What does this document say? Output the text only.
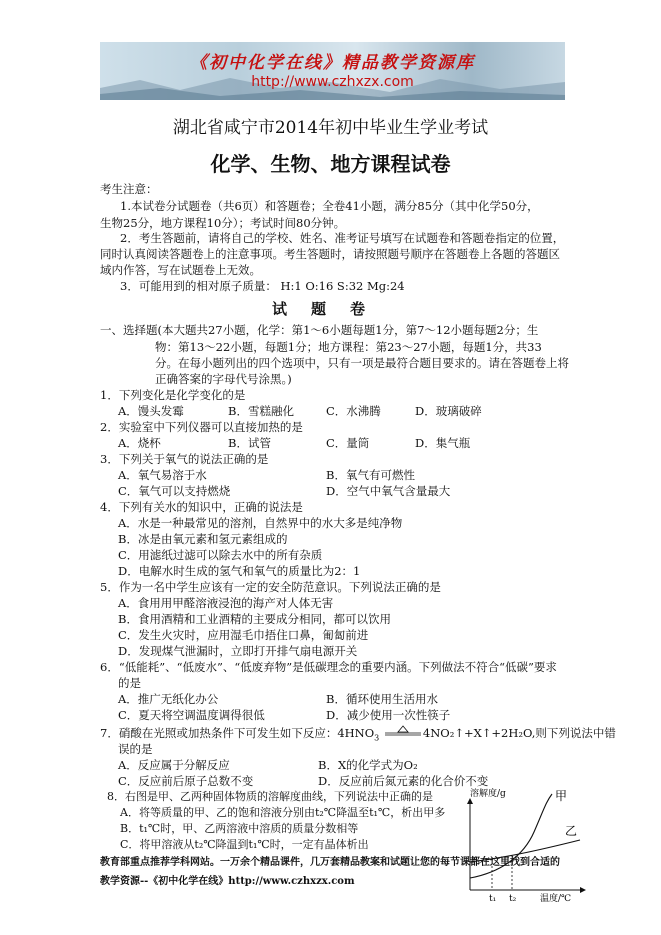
《初中化学在线》精品教学资源库
http://www.czhxzx.com
湖北省咸宁市2014年初中毕业生学业考试
化学、生物、地方课程试卷
考生注意：
1.本试卷分试题卷（共6页）和答题卷；全卷41小题，满分85分（其中化学50分，
生物25分，地方课程10分）；考试时间80分钟。
2．考生答题前，请将自己的学校、姓名、准考证号填写在试题卷和答题卷指定的位置，
同时认真阅读答题卷上的注意事项。考生答题时，请按照题号顺序在答题卷上各题的答题区
域内作答，写在试题卷上无效。
3．可能用到的相对原子质量： H:1 O:16 S:32 Mg:24
试题卷
一、选择题(本大题共27小题，化学：第1～6小题每题1分，第7～12小题每题2分；生
物：第13～22小题，每题1分；地方课程：第23～27小题，每题1分，共33
分。在每小题列出的四个选项中，只有一项是最符合题目要求的。请在答题卷上将
正确答案的字母代号涂黑。)
1．下列变化是化学变化的是
A．馒头发霉	B．雪糕融化	C．水沸腾	D．玻璃破碎
2．实验室中下列仪器可以直接加热的是
A．烧杯	B．试管	C．量筒	D．集气瓶
3．下列关于氧气的说法正确的是
A．氧气易溶于水	B．氧气有可燃性
C．氧气可以支持燃烧	D．空气中氧气含量最大
4．下列有关水的知识中，正确的说法是
A．水是一种最常见的溶剂，自然界中的水大多是纯净物
B．冰是由氧元素和氢元素组成的
C．用滤纸过滤可以除去水中的所有杂质
D．电解水时生成的氢气和氧气的质量比为2：1
5．作为一名中学生应该有一定的安全防范意识。下列说法正确的是
A．食用用甲醛溶液浸泡的海产对人体无害
B．食用酒精和工业酒精的主要成分相同，都可以饮用
C．发生火灾时，应用湿毛巾捂住口鼻，匍匐前进
D．发现煤气泄漏时，立即打开排气扇电源开关
6．“低能耗”、“低废水”、“低废弃物”是低碳理念的重要内涵。下列做法不符合“低碳”要求
的是
A．推广无纸化办公	B．循环使用生活用水
C．夏天将空调温度调得很低	D．减少使用一次性筷子
7．硝酸在光照或加热条件下可发生如下反应：$4HNO_3$	4NO₂↑+X↑+2H₂O,则下列说法中错
误的是
A．反应属于分解反应	B．X的化学式为O₂
C．反应前后原子总数不变	D．反应前后氮元素的化合价不变
8．右图是甲、乙两种固体物质的溶解度曲线，下列说法中正确的是
A．将等质量的甲、乙的饱和溶液分别由t₂℃降温至t₁℃，析出甲多
B．t₁℃时，甲、乙两溶液中溶质的质量分数相等
C．将甲溶液从t₂℃降温到t₁℃时，一定有晶体析出
溶解度/g	甲
乙
t₁ t₂	温度/℃
教育部重点推荐学科网站。一万余个精品课件，几万套精品教案和试题让您的每节课都在这里找到合适的
教学资源--《初中化学在线》http://www.czhxzx.com
